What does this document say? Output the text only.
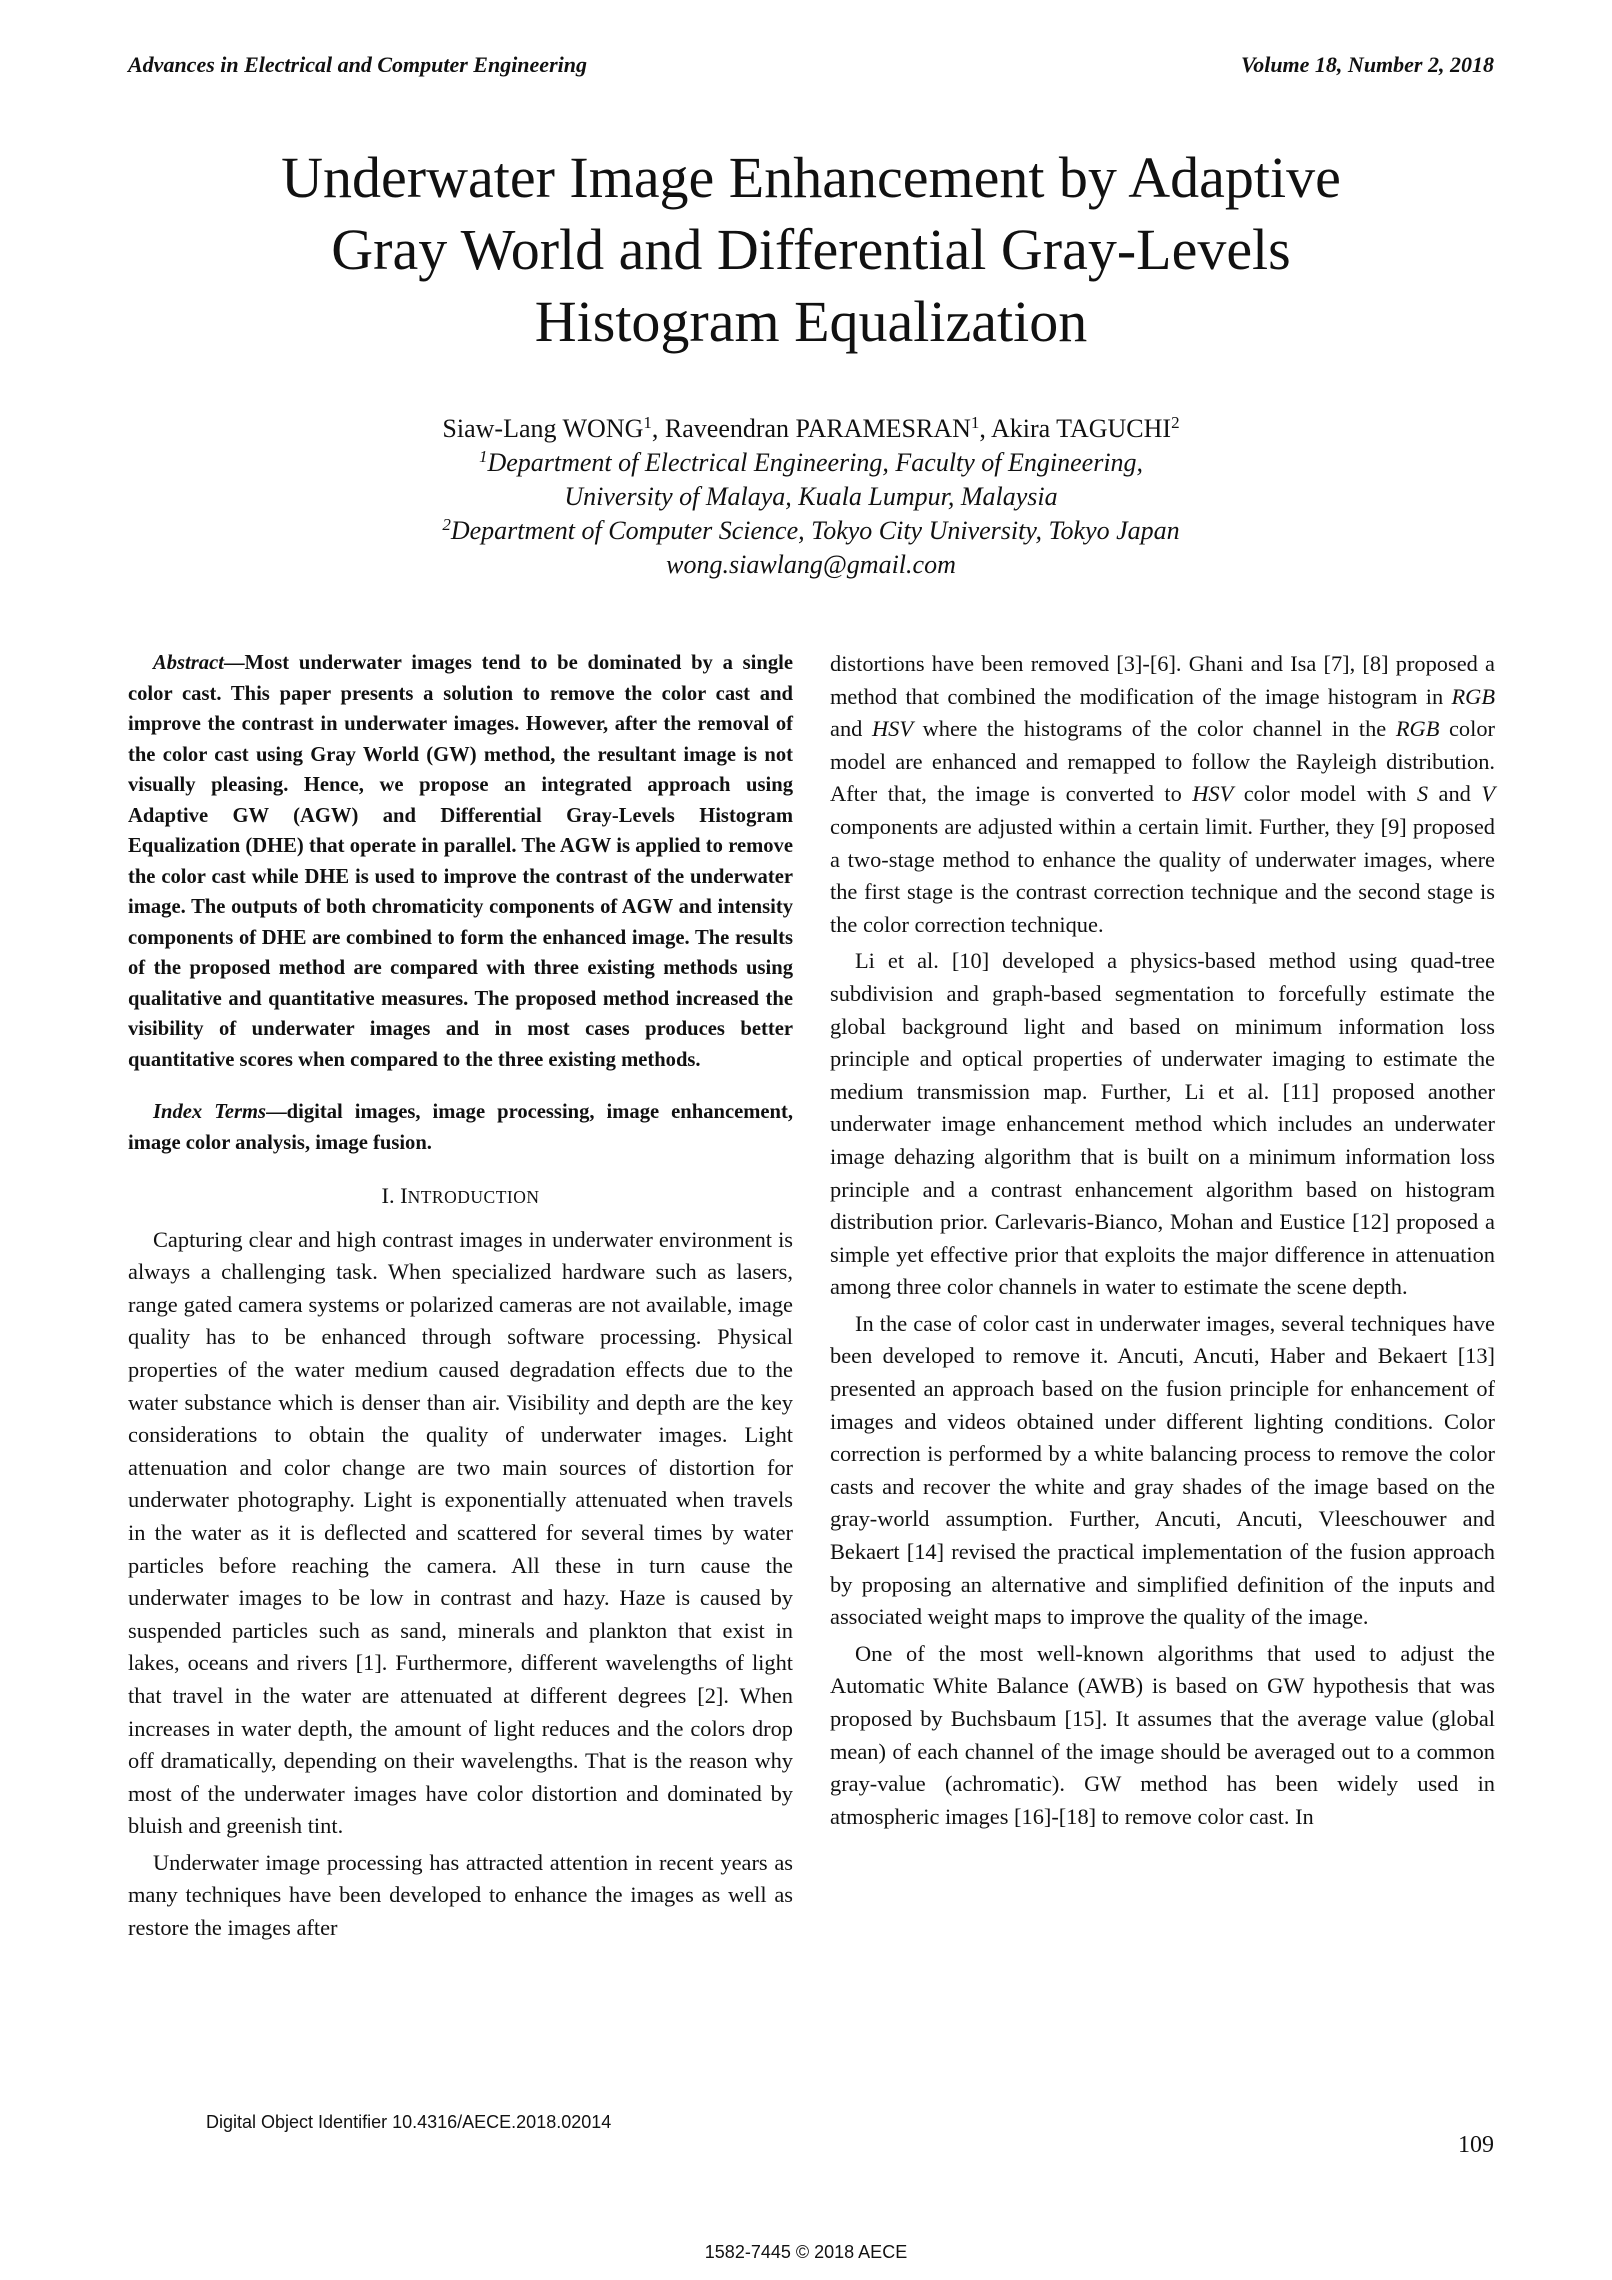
Advances in Electrical and Computer Engineering	Volume 18, Number 2, 2018
Underwater Image Enhancement by Adaptive
Gray World and Differential Gray-Levels
Histogram Equalization
Siaw-Lang WONG$^1$, Raveendran PARAMESRAN$^1$, Akira TAGUCHI$^2$
$^1$Department of Electrical Engineering, Faculty of Engineering,
University of Malaya, Kuala Lumpur, Malaysia
$^2$Department of Computer Science, Tokyo City University, Tokyo Japan
wong.siawlang@gmail.com

Abstract—Most underwater images tend to be dominated by a single color cast. This paper presents a solution to remove the color cast and improve the contrast in underwater images. However, after the removal of the color cast using Gray World (GW) method, the resultant image is not visually pleasing. Hence, we propose an integrated approach using Adaptive GW (AGW) and Differential Gray-Levels Histogram Equalization (DHE) that operate in parallel. The AGW is applied to remove the color cast while DHE is used to improve the contrast of the underwater image. The outputs of both chromaticity components of AGW and intensity components of DHE are combined to form the enhanced image. The results of the proposed method are compared with three existing methods using qualitative and quantitative measures. The proposed method increased the visibility of underwater images and in most cases produces better quantitative scores when compared to the three existing methods.

Index Terms—digital images, image processing, image enhancement, image color analysis, image fusion.

I. INTRODUCTION

Capturing clear and high contrast images in underwater environment is always a challenging task. When specialized hardware such as lasers, range gated camera systems or polarized cameras are not available, image quality has to be enhanced through software processing. Physical properties of the water medium caused degradation effects due to the water substance which is denser than air. Visibility and depth are the key considerations to obtain the quality of underwater images. Light attenuation and color change are two main sources of distortion for underwater photography. Light is exponentially attenuated when travels in the water as it is deflected and scattered for several times by water particles before reaching the camera. All these in turn cause the underwater images to be low in contrast and hazy. Haze is caused by suspended particles such as sand, minerals and plankton that exist in lakes, oceans and rivers [1]. Furthermore, different wavelengths of light that travel in the water are attenuated at different degrees [2]. When increases in water depth, the amount of light reduces and the colors drop off dramatically, depending on their wavelengths. That is the reason why most of the underwater images have color distortion and dominated by bluish and greenish tint.

Underwater image processing has attracted attention in recent years as many techniques have been developed to enhance the images as well as restore the images after

distortions have been removed [3]-[6]. Ghani and Isa [7], [8] proposed a method that combined the modification of the image histogram in RGB and HSV where the histograms of the color channel in the RGB color model are enhanced and remapped to follow the Rayleigh distribution. After that, the image is converted to HSV color model with S and V components are adjusted within a certain limit. Further, they [9] proposed a two-stage method to enhance the quality of underwater images, where the first stage is the contrast correction technique and the second stage is the color correction technique.

Li et al. [10] developed a physics-based method using quad-tree subdivision and graph-based segmentation to forcefully estimate the global background light and based on minimum information loss principle and optical properties of underwater imaging to estimate the medium transmission map. Further, Li et al. [11] proposed another underwater image enhancement method which includes an underwater image dehazing algorithm that is built on a minimum information loss principle and a contrast enhancement algorithm based on histogram distribution prior. Carlevaris-Bianco, Mohan and Eustice [12] proposed a simple yet effective prior that exploits the major difference in attenuation among three color channels in water to estimate the scene depth.

In the case of color cast in underwater images, several techniques have been developed to remove it. Ancuti, Ancuti, Haber and Bekaert [13] presented an approach based on the fusion principle for enhancement of images and videos obtained under different lighting conditions. Color correction is performed by a white balancing process to remove the color casts and recover the white and gray shades of the image based on the gray-world assumption. Further, Ancuti, Ancuti, Vleeschouwer and Bekaert [14] revised the practical implementation of the fusion approach by proposing an alternative and simplified definition of the inputs and associated weight maps to improve the quality of the image.

One of the most well-known algorithms that used to adjust the Automatic White Balance (AWB) is based on GW hypothesis that was proposed by Buchsbaum [15]. It assumes that the average value (global mean) of each channel of the image should be averaged out to a common gray-value (achromatic). GW method has been widely used in atmospheric images [16]-[18] to remove color cast. In

Digital Object Identifier 10.4316/AECE.2018.02014
109
1582-7445 © 2018 AECE
